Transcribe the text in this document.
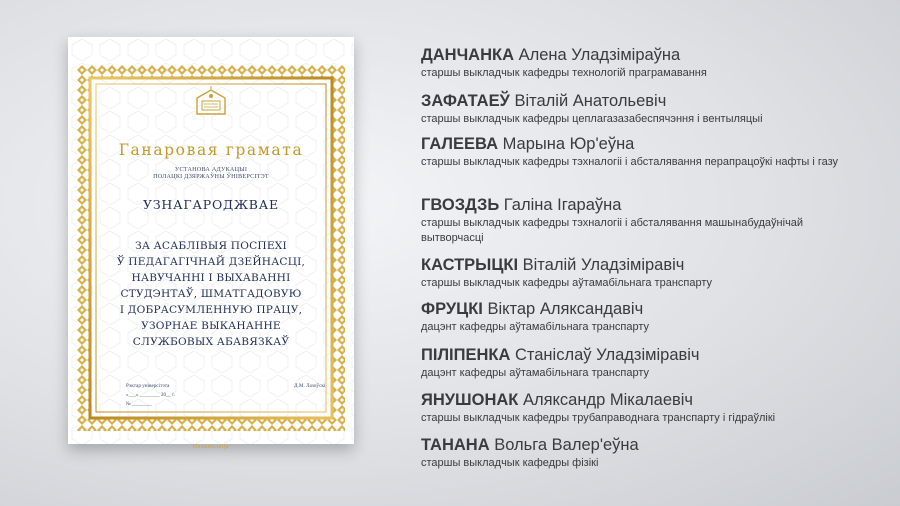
Ганаровая грамата
УСТАНОВА АДУКАЦЫІ
ПОЛАЦКІ ДЗЯРЖАЎНЫ ЎНІВЕРСІТЭТ
УЗНАГАРОДЖВАЕ
ЗА АСАБЛІВЫЯ ПОСПЕХІ
Ў ПЕДАГАГІЧНАЙ ДЗЕЙНАСЦІ,
НАВУЧАННІ І ВЫХАВАННІ
СТУДЭНТАЎ, ШМАТГАДОВУЮ
І ДОБРАСУМЛЕННУЮ ПРАЦУ,
УЗОРНАЕ ВЫКАНАННЕ
СЛУЖБОВЫХ АБАВЯЗКАЎ
Рэктар універсітэта	Д.М. Лазоўскі
«___» ________ 20__ г.
№ ________
Наваполацк
ДАНЧАНКА Алена Уладзіміраўна
старшы выкладчык кафедры технологій праграмавання
ЗАФАТАЕЎ Віталій Анатольевіч
старшы выкладчык кафедры цеплагазазабеспячэння і вентыляцыі
ГАЛЕЕВА Марына Юр'еўна
старшы выкладчык кафедры тэхналогіі і абсталявання перапрацоўкі нафты і газу
ГВОЗДЗЬ Галіна Ігараўна
старшы выкладчык кафедры тэхналогіі і абсталявання машынабудаўнічай вытворчасці
КАСТРЫЦКІ Віталій Уладзіміравіч
старшы выкладчык кафедры аўтамабільнага транспарту
ФРУЦКІ Віктар Аляксандавіч
дацэнт кафедры аўтамабільнага транспарту
ПІЛІПЕНКА Станіслаў Уладзіміравіч
дацэнт кафедры аўтамабільнага транспарту
ЯНУШОНАК Аляксандр Мікалаевіч
старшы выкладчык кафедры трубаправоднага транспарту і гідраўлікі
ТАНАНА Вольга Валер'еўна
старшы выкладчык кафедры фізікі
